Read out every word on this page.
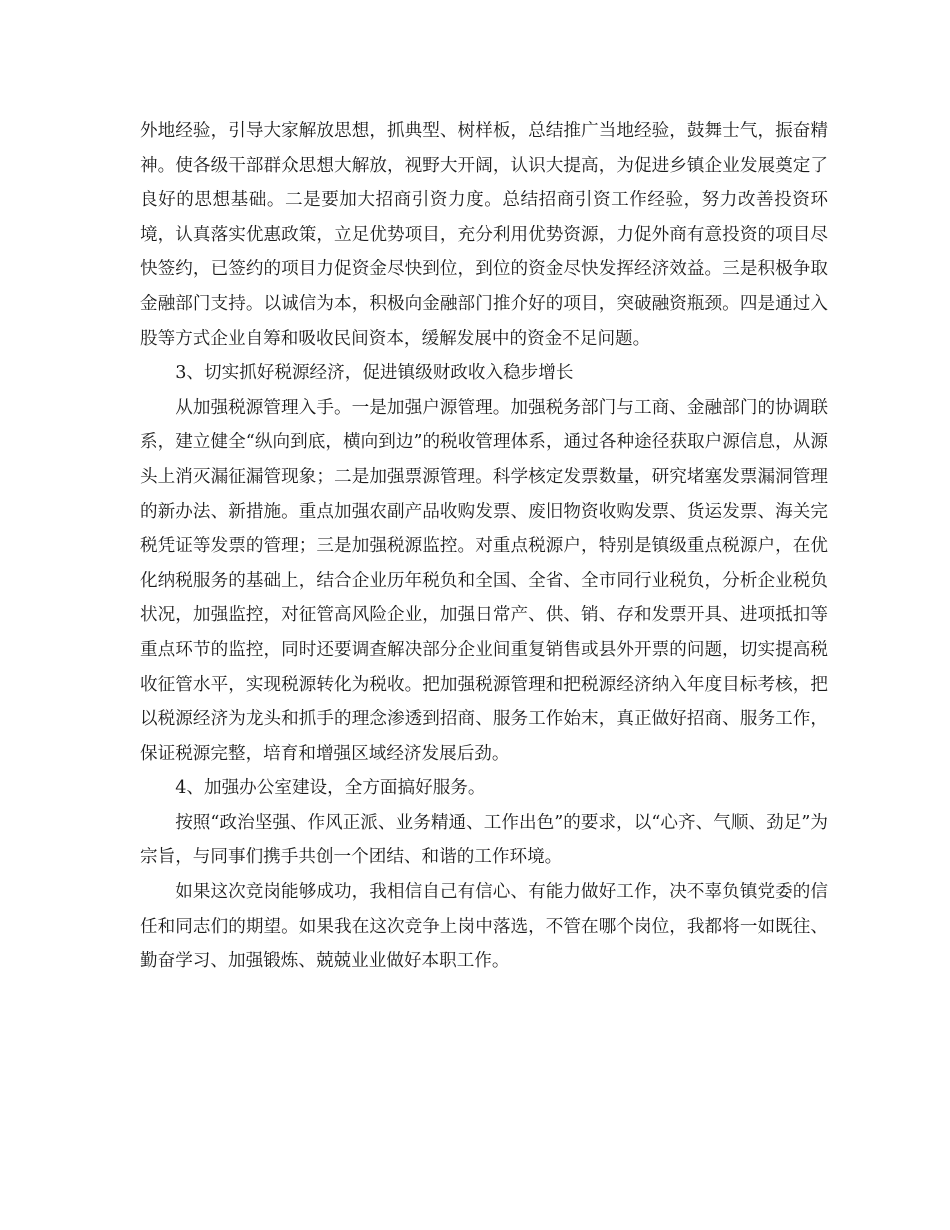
外地经验，引导大家解放思想，抓典型、树样板，总结推广当地经验，鼓舞士气，振奋精神。使各级干部群众思想大解放，视野大开阔，认识大提高，为促进乡镇企业发展奠定了良好的思想基础。二是要加大招商引资力度。总结招商引资工作经验，努力改善投资环境，认真落实优惠政策，立足优势项目，充分利用优势资源，力促外商有意投资的项目尽快签约，已签约的项目力促资金尽快到位，到位的资金尽快发挥经济效益。三是积极争取金融部门支持。以诚信为本，积极向金融部门推介好的项目，突破融资瓶颈。四是通过入股等方式企业自筹和吸收民间资本，缓解发展中的资金不足问题。

3、切实抓好税源经济，促进镇级财政收入稳步增长

从加强税源管理入手。一是加强户源管理。加强税务部门与工商、金融部门的协调联系，建立健全“纵向到底，横向到边”的税收管理体系，通过各种途径获取户源信息，从源头上消灭漏征漏管现象；二是加强票源管理。科学核定发票数量，研究堵塞发票漏洞管理的新办法、新措施。重点加强农副产品收购发票、废旧物资收购发票、货运发票、海关完税凭证等发票的管理；三是加强税源监控。对重点税源户，特别是镇级重点税源户，在优化纳税服务的基础上，结合企业历年税负和全国、全省、全市同行业税负，分析企业税负状况，加强监控，对征管高风险企业，加强日常产、供、销、存和发票开具、进项抵扣等重点环节的监控，同时还要调查解决部分企业间重复销售或县外开票的问题，切实提高税收征管水平，实现税源转化为税收。把加强税源管理和把税源经济纳入年度目标考核，把以税源经济为龙头和抓手的理念渗透到招商、服务工作始末，真正做好招商、服务工作，保证税源完整，培育和增强区域经济发展后劲。

4、加强办公室建设，全方面搞好服务。

按照“政治坚强、作风正派、业务精通、工作出色”的要求，以“心齐、气顺、劲足”为宗旨，与同事们携手共创一个团结、和谐的工作环境。

如果这次竞岗能够成功，我相信自己有信心、有能力做好工作，决不辜负镇党委的信任和同志们的期望。如果我在这次竞争上岗中落选，不管在哪个岗位，我都将一如既往、勤奋学习、加强锻炼、兢兢业业做好本职工作。
